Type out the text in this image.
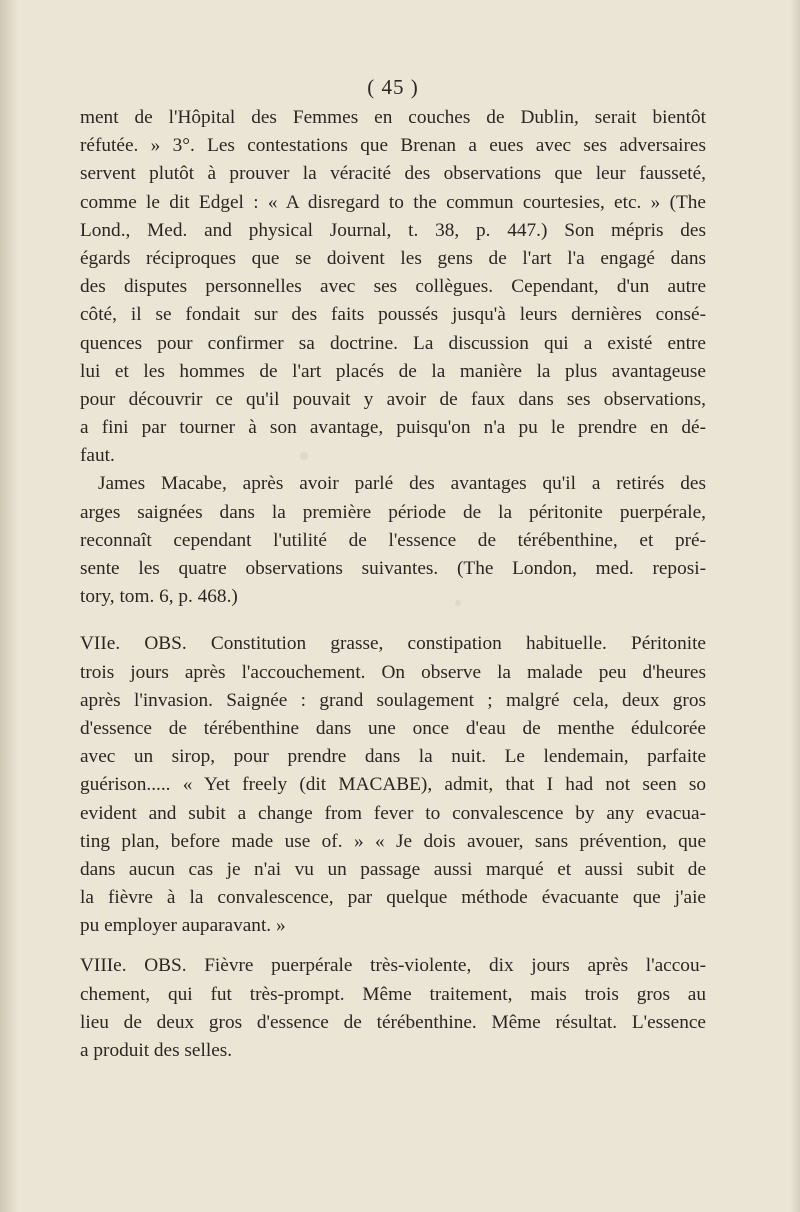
( 45 )
ment de l'Hôpital des Femmes en couches de Dublin, serait bientôt
réfutée. » 3°. Les contestations que Brenan a eues avec ses adversaires
servent plutôt à prouver la véracité des observations que leur fausseté,
comme le dit Edgel : « A disregard to the commun courtesies, etc. » (The
Lond., Med. and physical Journal, t. 38, p. 447.) Son mépris des
égards réciproques que se doivent les gens de l'art l'a engagé dans
des disputes personnelles avec ses collègues. Cependant, d'un autre
côté, il se fondait sur des faits poussés jusqu'à leurs dernières consé-
quences pour confirmer sa doctrine. La discussion qui a existé entre
lui et les hommes de l'art placés de la manière la plus avantageuse
pour découvrir ce qu'il pouvait y avoir de faux dans ses observations,
a fini par tourner à son avantage, puisqu'on n'a pu le prendre en dé-
faut.
James Macabe, après avoir parlé des avantages qu'il a retirés des
arges saignées dans la première période de la péritonite puerpérale,
reconnaît cependant l'utilité de l'essence de térébenthine, et pré-
sente les quatre observations suivantes. (The London, med. reposi-
tory, tom. 6, p. 468.)
VIIe. OBS. Constitution grasse, constipation habituelle. Péritonite
trois jours après l'accouchement. On observe la malade peu d'heures
après l'invasion. Saignée : grand soulagement ; malgré cela, deux gros
d'essence de térébenthine dans une once d'eau de menthe édulcorée
avec un sirop, pour prendre dans la nuit. Le lendemain, parfaite
guérison..... « Yet freely (dit MACABE), admit, that I had not seen so
evident and subit a change from fever to convalescence by any evacua-
ting plan, before made use of. » « Je dois avouer, sans prévention, que
dans aucun cas je n'ai vu un passage aussi marqué et aussi subit de
la fièvre à la convalescence, par quelque méthode évacuante que j'aie
pu employer auparavant. »
VIIIe. OBS. Fièvre puerpérale très-violente, dix jours après l'accou-
chement, qui fut très-prompt. Même traitement, mais trois gros au
lieu de deux gros d'essence de térébenthine. Même résultat. L'essence
a produit des selles.
